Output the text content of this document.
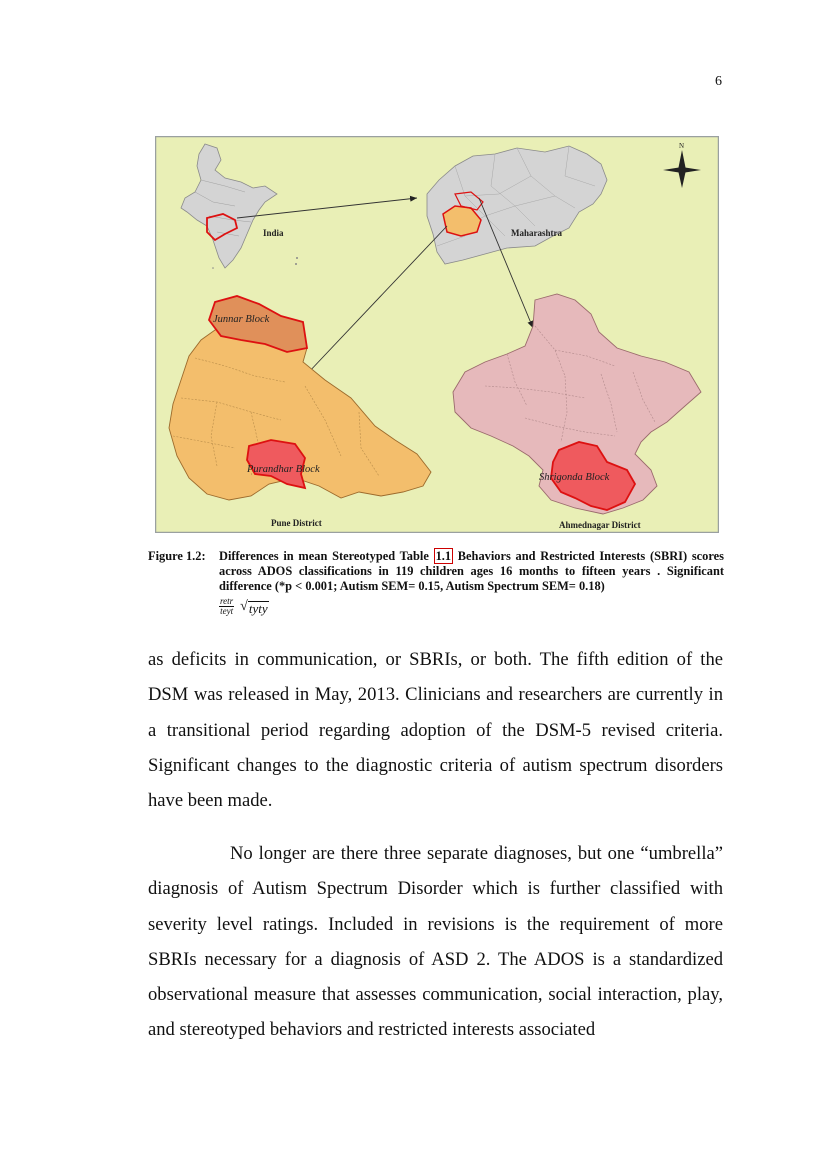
6
India	Maharashtra
N
Junnar Block
Purandhar Block
Pune District
Shrigonda Block
Ahmednagar District
Figure 1.2: Differences in mean Stereotyped Table 1.1 Behaviors and Restricted Interests (SBRI) scores across ADOS classifications in 119 children ages 16 months to fifteen years . Significant difference (*p < 0.001; Autism SEM= 0.15, Autism Spectrum SEM= 0.18)
$\frac{\text{retr}}{\text{teyt}}$ √ tyty
as deficits in communication, or SBRIs, or both. The fifth edition of the DSM was released in May, 2013. Clinicians and researchers are currently in a transitional period regarding adoption of the DSM-5 revised criteria. Significant changes to the diagnostic criteria of autism spectrum disorders have been made.
No longer are there three separate diagnoses, but one “umbrella” diagnosis of Autism Spectrum Disorder which is further classified with severity level ratings. Included in revisions is the requirement of more SBRIs necessary for a diagnosis of ASD 2. The ADOS is a standardized observational measure that assesses communication, social interaction, play, and stereotyped behaviors and restricted interests associated
